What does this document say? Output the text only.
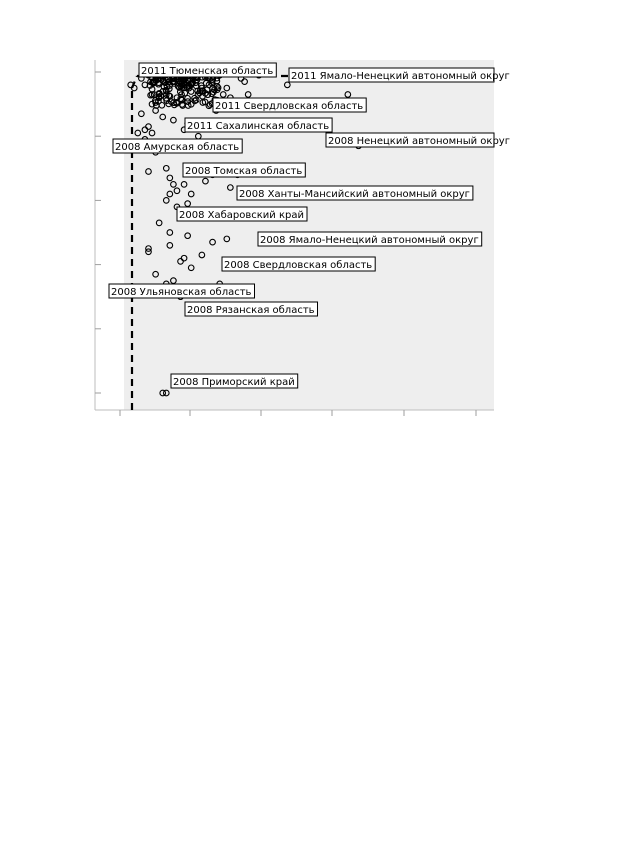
2011 Тюменская область 2011 Ямало-Ненецкий автономный округ
2011 Свердловская область
2011 Сахалинская область
2008 Ненецкий автономный округ
2008 Амурская область
2008 Томская область
2008 Ханты-Мансийский автономный округ
2008 Хабаровский край
2008 Ямало-Ненецкий автономный округ
2008 Свердловская область
2008 Ульяновская область
2008 Рязанская область
2008 Приморский край
